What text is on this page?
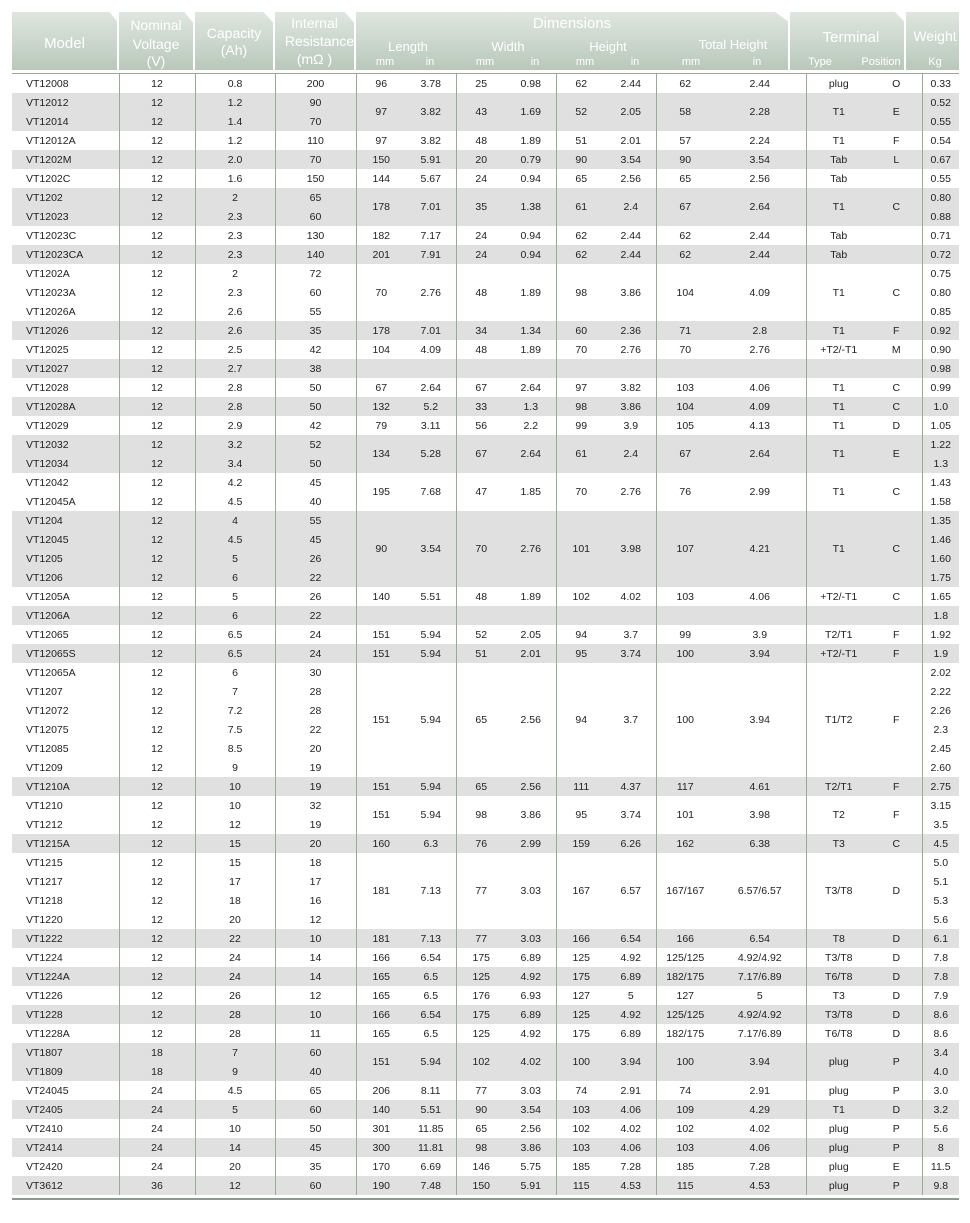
Model
Nominal
Voltage
(V)
Capacity
(Ah)
Internal
Resistance
(mΩ )
Dimensions
Length	Width	Height	Total Height
mm	in	mm	in	mm	in	mm	in
Terminal
Type	Position
Weight
Kg
VT12008	12	0.8	200	96	3.78	25	0.98	62	2.44	62	2.44	plug	O	0.33
VT12012	12	1.2	90	97	3.82	43	1.69	52	2.05	58	2.28	T1	E	0.52
VT12014	12	1.4	70											0.55
VT12012A	12	1.2	110	97	3.82	48	1.89	51	2.01	57	2.24	T1	F	0.54
VT1202M	12	2.0	70	150	5.91	20	0.79	90	3.54	90	3.54	Tab	L	0.67
VT1202C	12	1.6	150	144	5.67	24	0.94	65	2.56	65	2.56	Tab		0.55
VT1202	12	2	65	178	7.01	35	1.38	61	2.4	67	2.64	T1	C	0.80
VT12023	12	2.3	60											0.88
VT12023C	12	2.3	130	182	7.17	24	0.94	62	2.44	62	2.44	Tab		0.71
VT12023CA	12	2.3	140	201	7.91	24	0.94	62	2.44	62	2.44	Tab		0.72
VT1202A	12	2	72	70	2.76	48	1.89	98	3.86	104	4.09	T1	C	0.75
VT12023A	12	2.3	60											0.80
VT12026A	12	2.6	55											0.85
VT12026	12	2.6	35	178	7.01	34	1.34	60	2.36	71	2.8	T1	F	0.92
VT12025	12	2.5	42	104	4.09	48	1.89	70	2.76	70	2.76	+T2/-T1	M	0.90
VT12027	12	2.7	38											0.98
VT12028	12	2.8	50	67	2.64	67	2.64	97	3.82	103	4.06	T1	C	0.99
VT12028A	12	2.8	50	132	5.2	33	1.3	98	3.86	104	4.09	T1	C	1.0
VT12029	12	2.9	42	79	3.11	56	2.2	99	3.9	105	4.13	T1	D	1.05
VT12032	12	3.2	52	134	5.28	67	2.64	61	2.4	67	2.64	T1	E	1.22
VT12034	12	3.4	50											1.3
VT12042	12	4.2	45	195	7.68	47	1.85	70	2.76	76	2.99	T1	C	1.43
VT12045A	12	4.5	40											1.58
VT1204	12	4	55	90	3.54	70	2.76	101	3.98	107	4.21	T1	C	1.35
VT12045	12	4.5	45											1.46
VT1205	12	5	26											1.60
VT1206	12	6	22											1.75
VT1205A	12	5	26	140	5.51	48	1.89	102	4.02	103	4.06	+T2/-T1	C	1.65
VT1206A	12	6	22											1.8
VT12065	12	6.5	24	151	5.94	52	2.05	94	3.7	99	3.9	T2/T1	F	1.92
VT12065S	12	6.5	24	151	5.94	51	2.01	95	3.74	100	3.94	+T2/-T1	F	1.9
VT12065A	12	6	30	151	5.94	65	2.56	94	3.7	100	3.94	T1/T2	F	2.02
VT1207	12	7	28											2.22
VT12072	12	7.2	28											2.26
VT12075	12	7.5	22											2.3
VT12085	12	8.5	20											2.45
VT1209	12	9	19											2.60
VT1210A	12	10	19	151	5.94	65	2.56	111	4.37	117	4.61	T2/T1	F	2.75
VT1210	12	10	32	151	5.94	98	3.86	95	3.74	101	3.98	T2	F	3.15
VT1212	12	12	19											3.5
VT1215A	12	15	20	160	6.3	76	2.99	159	6.26	162	6.38	T3	C	4.5
VT1215	12	15	18	181	7.13	77	3.03	167	6.57	167/167	6.57/6.57	T3/T8	D	5.0
VT1217	12	17	17											5.1
VT1218	12	18	16											5.3
VT1220	12	20	12											5.6
VT1222	12	22	10	181	7.13	77	3.03	166	6.54	166	6.54	T8	D	6.1
VT1224	12	24	14	166	6.54	175	6.89	125	4.92	125/125	4.92/4.92	T3/T8	D	7.8
VT1224A	12	24	14	165	6.5	125	4.92	175	6.89	182/175	7.17/6.89	T6/T8	D	7.8
VT1226	12	26	12	165	6.5	176	6.93	127	5	127	5	T3	D	7.9
VT1228	12	28	10	166	6.54	175	6.89	125	4.92	125/125	4.92/4.92	T3/T8	D	8.6
VT1228A	12	28	11	165	6.5	125	4.92	175	6.89	182/175	7.17/6.89	T6/T8	D	8.6
VT1807	18	7	60	151	5.94	102	4.02	100	3.94	100	3.94	plug	P	3.4
VT1809	18	9	40											4.0
VT24045	24	4.5	65	206	8.11	77	3.03	74	2.91	74	2.91	plug	P	3.0
VT2405	24	5	60	140	5.51	90	3.54	103	4.06	109	4.29	T1	D	3.2
VT2410	24	10	50	301	11.85	65	2.56	102	4.02	102	4.02	plug	P	5.6
VT2414	24	14	45	300	11.81	98	3.86	103	4.06	103	4.06	plug	P	8
VT2420	24	20	35	170	6.69	146	5.75	185	7.28	185	7.28	plug	E	11.5
VT3612	36	12	60	190	7.48	150	5.91	115	4.53	115	4.53	plug	P	9.8
